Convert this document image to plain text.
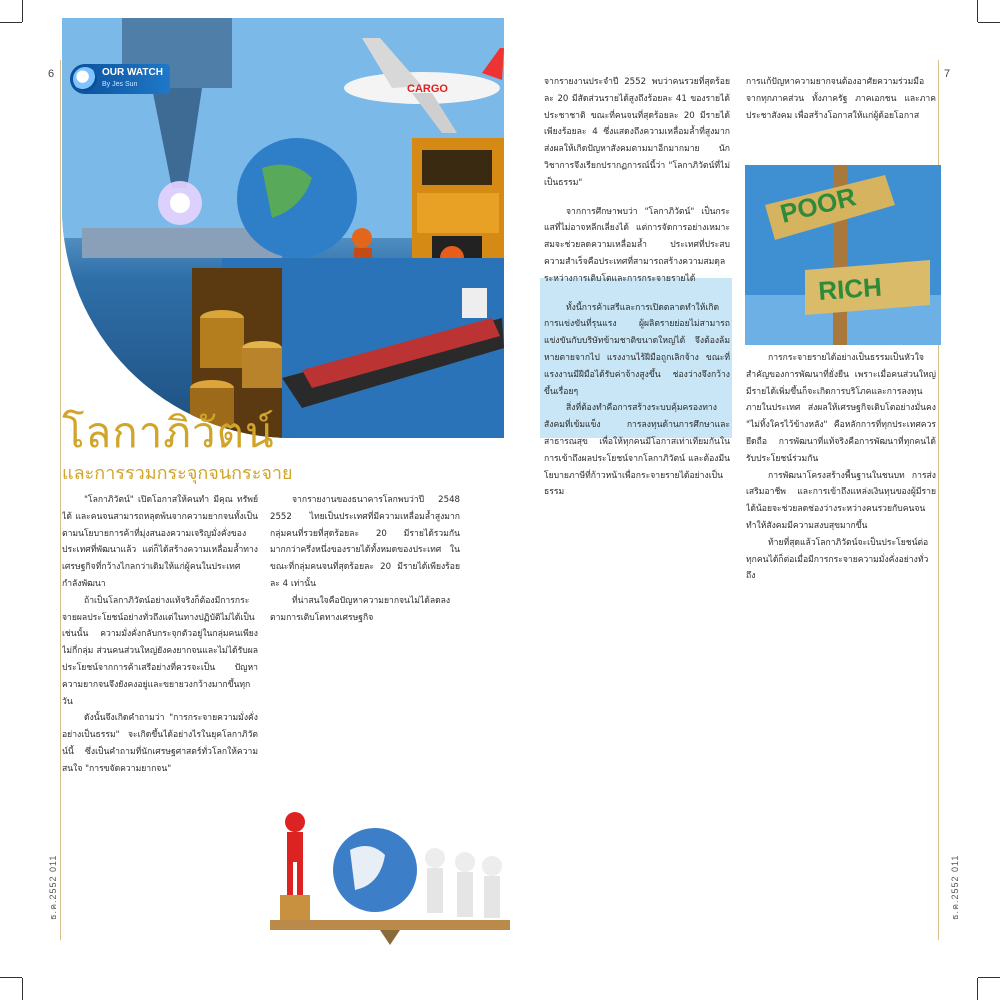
6	7
ธ.ค.2552 011	ธ.ค.2552 011
CARGO
OUR WATCH
By Jes Sun
โลกาภิวัตน์
และการรวมกระจุกจนกระจาย

"โลกาภิวัตน์" เปิดโอกาสให้คนทำ มีคุณ ทรัพย์ได้ และคนจนสามารถหลุดพ้นจากความยากจนทั้งเป็นตามนโยบายการค้าที่มุ่งสนองความเจริญมั่งคั่งของประเทศที่พัฒนาแล้ว แต่ก็ได้สร้างความเหลื่อมล้ำทางเศรษฐกิจที่กว้างไกลกว่าเดิมให้แก่ผู้คนในประเทศกำลังพัฒนา

ถ้าเป็นโลกาภิวัตน์อย่างแท้จริงก็ต้องมีการกระจายผลประโยชน์อย่างทั่วถึงแต่ในทางปฏิบัติไม่ได้เป็นเช่นนั้น ความมั่งคั่งกลับกระจุกตัวอยู่ในกลุ่มคนเพียงไม่กี่กลุ่ม ส่วนคนส่วนใหญ่ยังคงยากจนและไม่ได้รับผลประโยชน์จากการค้าเสรีอย่างที่ควรจะเป็น ปัญหาความยากจนจึงยังคงอยู่และขยายวงกว้างมากขึ้นทุกวัน

ดังนั้นจึงเกิดคำถามว่า "การกระจายความมั่งคั่งอย่างเป็นธรรม" จะเกิดขึ้นได้อย่างไรในยุคโลกาภิวัตน์นี้ ซึ่งเป็นคำถามที่นักเศรษฐศาสตร์ทั่วโลกให้ความสนใจ "การขจัดความยากจน"

จากรายงานของธนาคารโลกพบว่าปี 2548 2552 ไทยเป็นประเทศที่มีความเหลื่อมล้ำสูงมาก กลุ่มคนที่รวยที่สุดร้อยละ 20 มีรายได้รวมกันมากกว่าครึ่งหนึ่งของรายได้ทั้งหมดของประเทศ ในขณะที่กลุ่มคนจนที่สุดร้อยละ 20 มีรายได้เพียงร้อยละ 4 เท่านั้น

ที่น่าสนใจคือปัญหาความยากจนไม่ได้ลดลงตามการเติบโตทางเศรษฐกิจ

จากรายงานประจำปี 2552 พบว่าคนรวยที่สุดร้อยละ 20 มีสัดส่วนรายได้สูงถึงร้อยละ 41 ของรายได้ประชาชาติ ขณะที่คนจนที่สุดร้อยละ 20 มีรายได้เพียงร้อยละ 4 ซึ่งแสดงถึงความเหลื่อมล้ำที่สูงมาก ส่งผลให้เกิดปัญหาสังคมตามมาอีกมากมาย นักวิชาการจึงเรียกปรากฏการณ์นี้ว่า "โลกาภิวัตน์ที่ไม่เป็นธรรม"

จากการศึกษาพบว่า "โลกาภิวัตน์" เป็นกระแสที่ไม่อาจหลีกเลี่ยงได้ แต่การจัดการอย่างเหมาะสมจะช่วยลดความเหลื่อมล้ำ ประเทศที่ประสบความสำเร็จคือประเทศที่สามารถสร้างความสมดุลระหว่างการเติบโตและการกระจายรายได้

ทั้งนี้การค้าเสรีและการเปิดตลาดทำให้เกิดการแข่งขันที่รุนแรง ผู้ผลิตรายย่อยไม่สามารถแข่งขันกับบริษัทข้ามชาติขนาดใหญ่ได้ จึงต้องล้มหายตายจากไป แรงงานไร้ฝีมือถูกเลิกจ้าง ขณะที่แรงงานมีฝีมือได้รับค่าจ้างสูงขึ้น ช่องว่างจึงกว้างขึ้นเรื่อยๆ

สิ่งที่ต้องทำคือการสร้างระบบคุ้มครองทางสังคมที่เข้มแข็ง การลงทุนด้านการศึกษาและสาธารณสุข เพื่อให้ทุกคนมีโอกาสเท่าเทียมกันในการเข้าถึงผลประโยชน์จากโลกาภิวัตน์ และต้องมีนโยบายภาษีที่ก้าวหน้าเพื่อกระจายรายได้อย่างเป็นธรรม

การแก้ปัญหาความยากจนต้องอาศัยความร่วมมือจากทุกภาคส่วน ทั้งภาครัฐ ภาคเอกชน และภาคประชาสังคม เพื่อสร้างโอกาสให้แก่ผู้ด้อยโอกาส

POOR
RICH

การกระจายรายได้อย่างเป็นธรรมเป็นหัวใจสำคัญของการพัฒนาที่ยั่งยืน เพราะเมื่อคนส่วนใหญ่มีรายได้เพิ่มขึ้นก็จะเกิดการบริโภคและการลงทุนภายในประเทศ ส่งผลให้เศรษฐกิจเติบโตอย่างมั่นคง "ไม่ทิ้งใครไว้ข้างหลัง" คือหลักการที่ทุกประเทศควรยึดถือ การพัฒนาที่แท้จริงคือการพัฒนาที่ทุกคนได้รับประโยชน์ร่วมกัน

การพัฒนาโครงสร้างพื้นฐานในชนบท การส่งเสริมอาชีพ และการเข้าถึงแหล่งเงินทุนของผู้มีรายได้น้อยจะช่วยลดช่องว่างระหว่างคนรวยกับคนจน ทำให้สังคมมีความสงบสุขมากขึ้น

ท้ายที่สุดแล้วโลกาภิวัตน์จะเป็นประโยชน์ต่อทุกคนได้ก็ต่อเมื่อมีการกระจายความมั่งคั่งอย่างทั่วถึง
